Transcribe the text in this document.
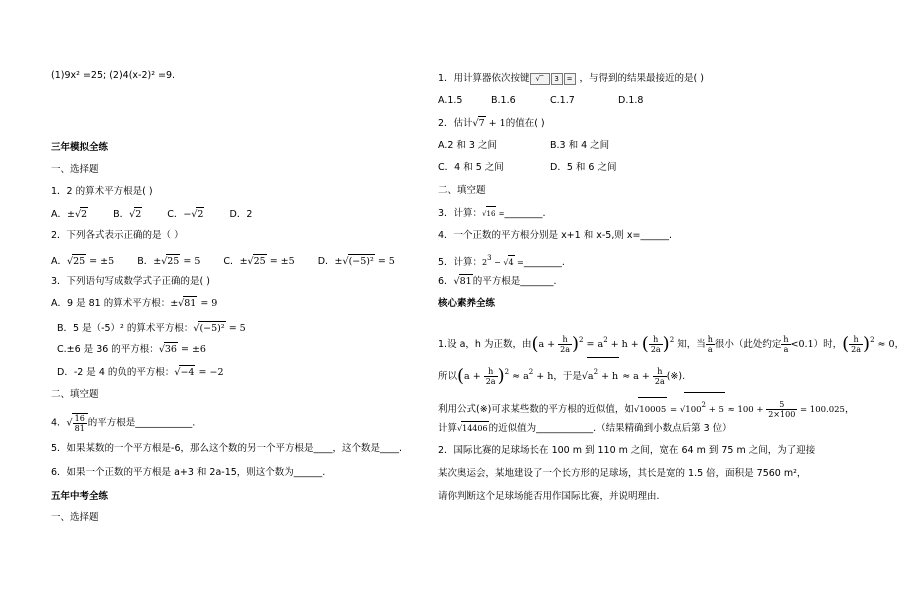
(1)9x² =25; (2)4(x-2)² =9.
三年模拟全练
一、选择题
1．2 的算术平方根是( )
A．±√2	B．√2	C．−√2	D．2
2．下列各式表示正确的是（ ）
A．√25 = ±5 B．±√25 = 5 C．±√25 = ±5 D．±√(−5)² = 5
3．下列语句写成数学式子正确的是( )
A．9 是 81 的算术平方根：±√81 = 9
B．5 是（-5）² 的算术平方根：√(−5)² = 5
C.±6 是 36 的平方根：√36 = ±6
D．-2 是 4 的负的平方根：√−4 = −2
二、填空题
4．√ $\frac{16}{81}$ 的平方根是____________.
5．如果某数的一个平方根是-6，那么这个数的另一个平方根是____，这个数是____.
6．如果一个正数的平方根是 a+3 和 2a-15，则这个数为______.
五年中考全练
一、选择题
1．用计算器依次按键 √‾	3	= ，与得到的结果最接近的是( )
A.1.5	B.1.6	C.1.7	D.1.8
2．估计√7 + 1的值在( )
A.2 和 3 之间	B.3 和 4 之间
C．4 和 5 之间	D．5 和 6 之间
二、填空题
3．计算：√16 =________.
4．一个正数的平方根分别是 x+1 和 x-5,则 x=______.
5．计算：23 − √4 =________.
6．√81的平方根是_______.
核心素养全练
1.设 a，h 为正数，由$(a + \frac{h}{2a} )^2 = a^2 + h$ + ( $\frac{h}{2a} )^2$ 知，当 $\frac{h}{a}$ 很小（此处约定 $\frac{h}{a} <0.1$）时，( $\frac{h}{2a} )^2 \approx 0$，
所以$(a + \frac{h}{2a} )^2 \approx a^2 + h$，于是$√a^2 + h \approx a + \frac{h}{2a}$ (※).
利用公式(※)可求某些数的平方根的近似值，如$√10005 = √100^2 + 5 \approx 100 + \frac{5}{2\times 100} = 100.025$，
计算√14406的近似值为____________.（结果精确到小数点后第 3 位）
2．国际比赛的足球场长在 100 m 到 110 m 之间，宽在 64 m 到 75 m 之间，为了迎接
某次奥运会，某地建设了一个长方形的足球场，其长是宽的 1.5 倍，面积是 7560 m²，
请你判断这个足球场能否用作国际比赛，并说明理由.
